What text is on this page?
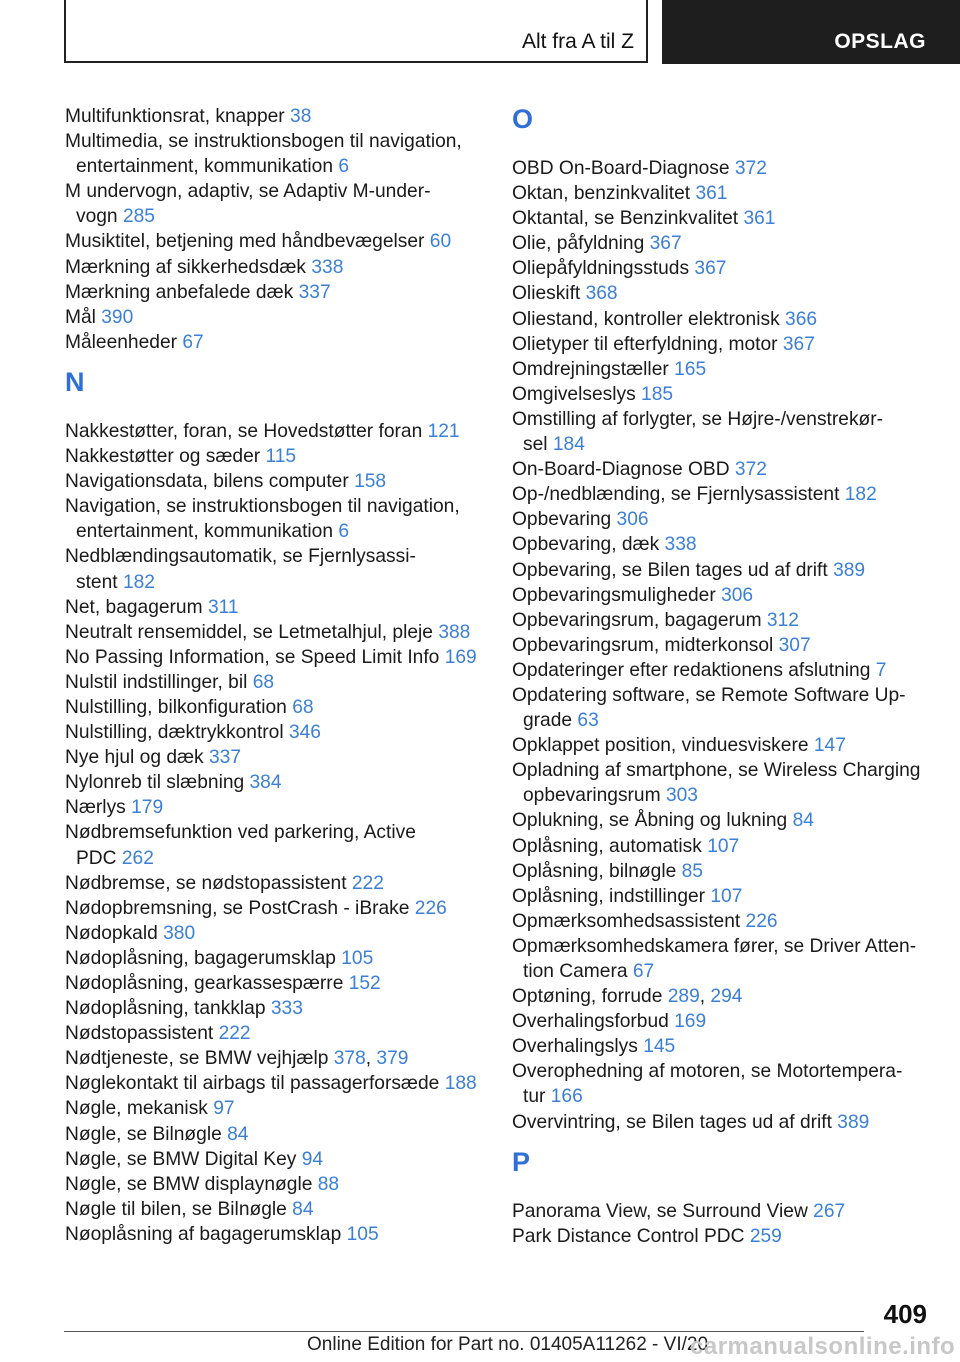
Alt fra A til Z	OPSLAG
Multifunktionsrat, knapper 38
Multimedia, se instruktionsbogen til navigation,
entertainment, kommunikation 6
M undervogn, adaptiv, se Adaptiv M-under-
vogn 285
Musiktitel, betjening med håndbevægelser 60
Mærkning af sikkerhedsdæk 338
Mærkning anbefalede dæk 337
Mål 390
Måleenheder 67
N
Nakkestøtter, foran, se Hovedstøtter foran 121
Nakkestøtter og sæder 115
Navigationsdata, bilens computer 158
Navigation, se instruktionsbogen til navigation,
entertainment, kommunikation 6
Nedblændingsautomatik, se Fjernlysassi-
stent 182
Net, bagagerum 311
Neutralt rensemiddel, se Letmetalhjul, pleje 388
No Passing Information, se Speed Limit Info 169
Nulstil indstillinger, bil 68
Nulstilling, bilkonfiguration 68
Nulstilling, dæktrykkontrol 346
Nye hjul og dæk 337
Nylonreb til slæbning 384
Nærlys 179
Nødbremsefunktion ved parkering, Active
PDC 262
Nødbremse, se nødstopassistent 222
Nødopbremsning, se PostCrash - iBrake 226
Nødopkald 380
Nødoplåsning, bagagerumsklap 105
Nødoplåsning, gearkassespærre 152
Nødoplåsning, tankklap 333
Nødstopassistent 222
Nødtjeneste, se BMW vejhjælp 378, 379
Nøglekontakt til airbags til passagerforsæde 188
Nøgle, mekanisk 97
Nøgle, se Bilnøgle 84
Nøgle, se BMW Digital Key 94
Nøgle, se BMW displaynøgle 88
Nøgle til bilen, se Bilnøgle 84
Nøoplåsning af bagagerumsklap 105
O
OBD On-Board-Diagnose 372
Oktan, benzinkvalitet 361
Oktantal, se Benzinkvalitet 361
Olie, påfyldning 367
Oliepåfyldningsstuds 367
Olieskift 368
Oliestand, kontroller elektronisk 366
Olietyper til efterfyldning, motor 367
Omdrejningstæller 165
Omgivelseslys 185
Omstilling af forlygter, se Højre-/venstrekør-
sel 184
On-Board-Diagnose OBD 372
Op-/nedblænding, se Fjernlysassistent 182
Opbevaring 306
Opbevaring, dæk 338
Opbevaring, se Bilen tages ud af drift 389
Opbevaringsmuligheder 306
Opbevaringsrum, bagagerum 312
Opbevaringsrum, midterkonsol 307
Opdateringer efter redaktionens afslutning 7
Opdatering software, se Remote Software Up-
grade 63
Opklappet position, vinduesviskere 147
Opladning af smartphone, se Wireless Charging
opbevaringsrum 303
Oplukning, se Åbning og lukning 84
Oplåsning, automatisk 107
Oplåsning, bilnøgle 85
Oplåsning, indstillinger 107
Opmærksomhedsassistent 226
Opmærksomhedskamera fører, se Driver Atten-
tion Camera 67
Optøning, forrude 289, 294
Overhalingsforbud 169
Overhalingslys 145
Overophedning af motoren, se Motortempera-
tur 166
Overvintring, se Bilen tages ud af drift 389
P
Panorama View, se Surround View 267
Park Distance Control PDC 259
409
Online Edition for Part no. 01405A11262 - VI/20
carmanualsonline.info
